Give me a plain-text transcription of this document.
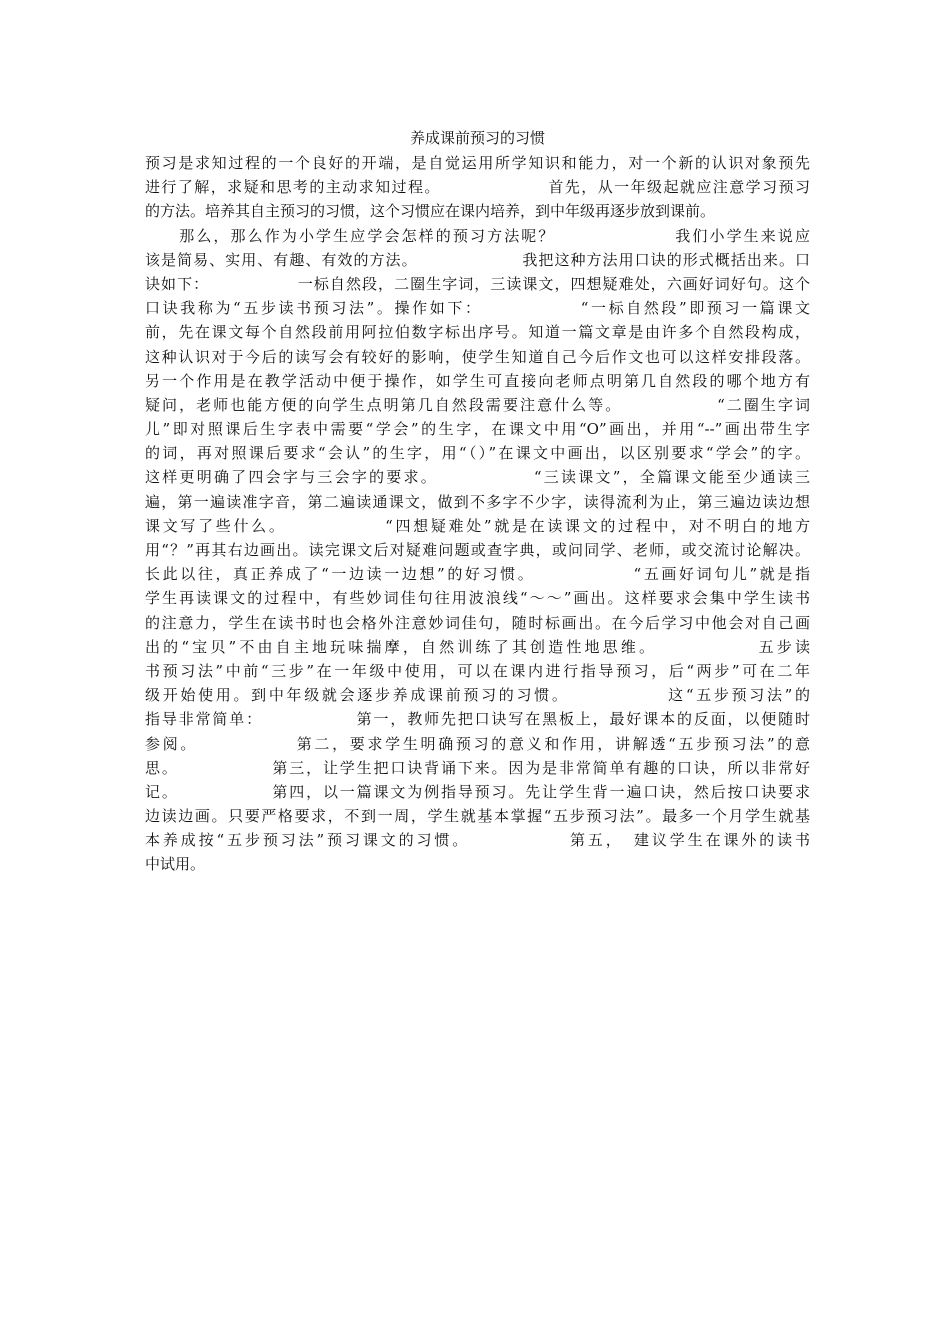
养成课前预习的习惯
预习是求知过程的一个良好的开端，是自觉运用所学知识和能力，对一个新的认识对象预先
进行了解，求疑和思考的主动求知过程。　　　　　　　首先，从一年级起就应注意学习预习
的方法。培养其自主预习的习惯，这个习惯应在课内培养，到中年级再逐步放到课前。
　　那么，那么作为小学生应学会怎样的预习方法呢？　　　　　　　我们小学生来说应
该是简易、实用、有趣、有效的方法。　　　　　　　我把这种方法用口诀的形式概括出来。口
诀如下：　　　　　　一标自然段，二圈生字词，三读课文，四想疑难处，六画好词好句。这个
口诀我称为“五步读书预习法”。操作如下：　　　　　　“一标自然段”即预习一篇课文
前，先在课文每个自然段前用阿拉伯数字标出序号。知道一篇文章是由许多个自然段构成，
这种认识对于今后的读写会有较好的影响，使学生知道自己今后作文也可以这样安排段落。
另一个作用是在教学活动中便于操作，如学生可直接向老师点明第几自然段的哪个地方有
疑问，老师也能方便的向学生点明第几自然段需要注意什么等。　　　　　　“二圈生字词
儿”即对照课后生字表中需要“学会”的生字，在课文中用“O”画出，并用“--”画出带生字
的词，再对照课后要求“会认”的生字，用“（）”在课文中画出，以区别要求“学会”的字。
这样更明确了四会字与三会字的要求。　　　　　　“三读课文”，全篇课文能至少通读三
遍，第一遍读准字音，第二遍读通课文，做到不多字不少字，读得流利为止，第三遍边读边想
课文写了些什么。　　　　　　“四想疑难处”就是在读课文的过程中，对不明白的地方
用“？”再其右边画出。读完课文后对疑难问题或查字典，或问同学、老师，或交流讨论解决。
长此以往，真正养成了“一边读一边想”的好习惯。　　　　　　“五画好词句儿”就是指
学生再读课文的过程中，有些妙词佳句往用波浪线“～～”画出。这样要求会集中学生读书
的注意力，学生在读书时也会格外注意妙词佳句，随时标画出。在今后学习中他会对自己画
出的“宝贝”不由自主地玩味揣摩，自然训练了其创造性地思维。　　　　　　五步读
书预习法”中前“三步”在一年级中使用，可以在课内进行指导预习，后“两步”可在二年
级开始使用。到中年级就会逐步养成课前预习的习惯。　　　　　　这“五步预习法”的
指导非常简单：　　　　　　第一，教师先把口诀写在黑板上，最好课本的反面，以便随时
参阅。　　　　　　第二，要求学生明确预习的意义和作用，讲解透“五步预习法”的意
思。　　　　　　第三，让学生把口诀背诵下来。因为是非常简单有趣的口诀，所以非常好
记。　　　　　　第四，以一篇课文为例指导预习。先让学生背一遍口诀，然后按口诀要求
边读边画。只要严格要求，不到一周，学生就基本掌握“五步预习法”。最多一个月学生就基
本养成按“五步预习法”预习课文的习惯。　　　　　　第五，　建议学生在课外的读书
中试用。
